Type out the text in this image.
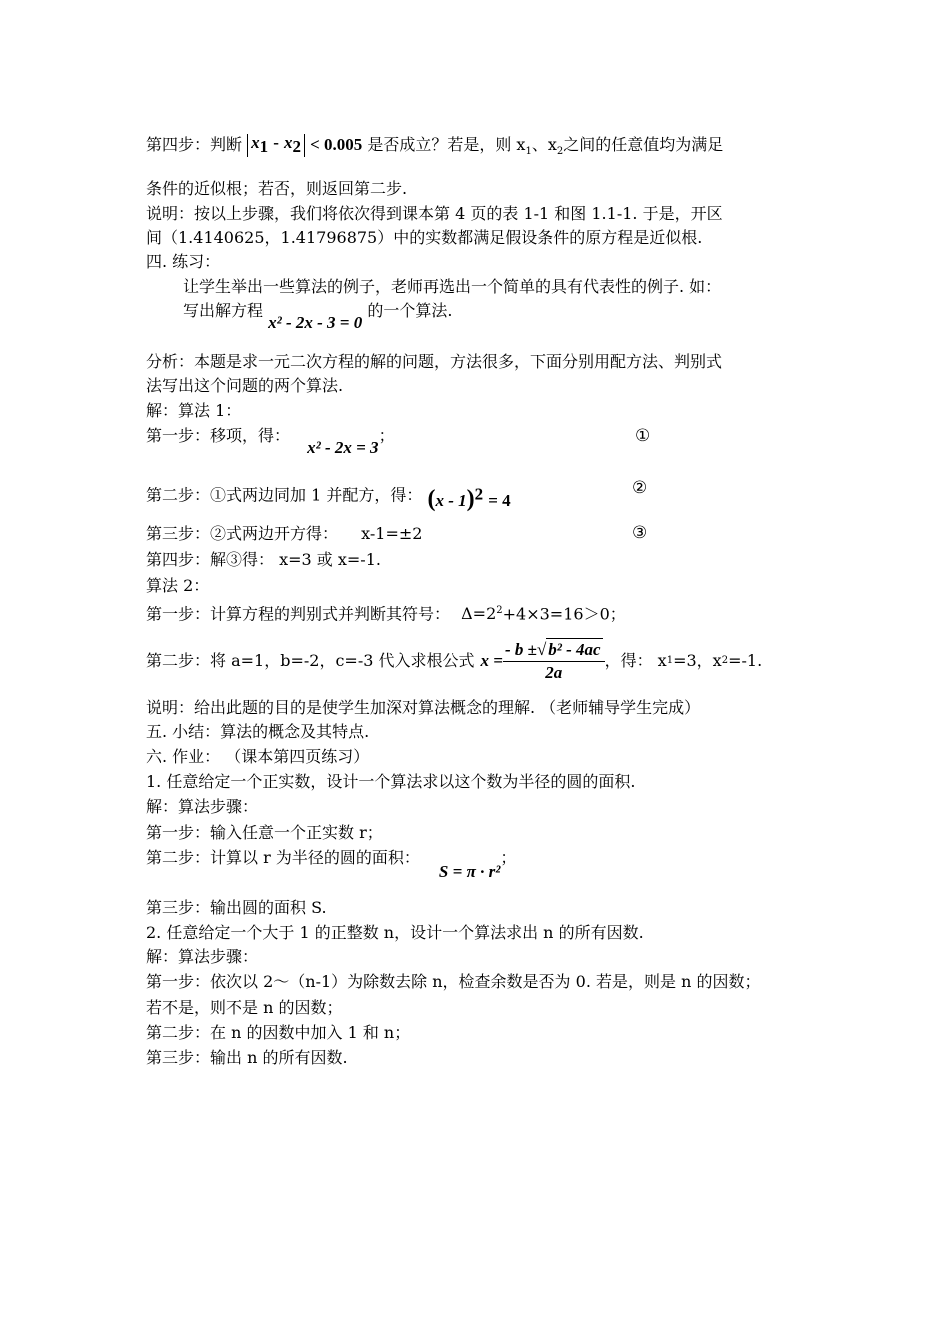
第四步：判断 $x_1 - x_2 < 0.005$ 是否成立？若是，则 $x_1$、$x_2$之间的任意值均为满足
条件的近似根；若否，则返回第二步.
说明：按以上步骤，我们将依次得到课本第 4 页的表 1-1 和图 1.1-1. 于是，开区
间（1.4140625，1.41796875）中的实数都满足假设条件的原方程是近似根.
四. 练习：
让学生举出一些算法的例子，老师再选出一个简单的具有代表性的例子. 如：
写出解方程 x² - 2x - 3 = 0 的一个算法.
分析：本题是求一元二次方程的解的问题，方法很多，下面分别用配方法、判别式
法写出这个问题的两个算法.
解：算法 1：
第一步：移项，得： x² - 2x = 3；	①
第二步：①式两边同加 1 并配方，得： (x - 1)$^2$ = 4
②
第三步：②式两边开方得： x-1=±2	③
第四步：解③得： x=3 或 x=-1.
算法 2：
第一步：计算方程的判别式并判断其符号： $\Delta=2^2+4\times 3=16>0$；
第二步：将 a=1，b=-2，c=-3 代入求根公式 $x = \frac{\text{- b ±√ b² - 4ac}}{2a}$ ，得： x 1 =3，x 2 =-1.
说明：给出此题的目的是使学生加深对算法概念的理解. （老师辅导学生完成）
五. 小结：算法的概念及其特点.
六. 作业： （课本第四页练习）
1. 任意给定一个正实数，设计一个算法求以这个数为半径的圆的面积.
解：算法步骤：
第一步：输入任意一个正实数 r；
第二步：计算以 r 为半径的圆的面积： S = π · r²；
第三步：输出圆的面积 S.
2. 任意给定一个大于 1 的正整数 n，设计一个算法求出 n 的所有因数.
解：算法步骤：
第一步：依次以 2～（n-1）为除数去除 n，检查余数是否为 0. 若是，则是 n 的因数；
若不是，则不是 n 的因数；
第二步：在 n 的因数中加入 1 和 n；
第三步：输出 n 的所有因数.
